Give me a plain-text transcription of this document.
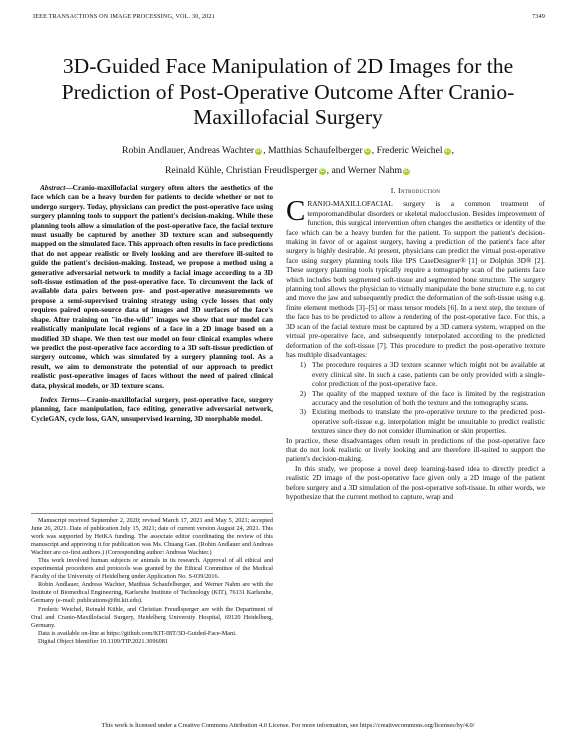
IEEE TRANSACTIONS ON IMAGE PROCESSING, VOL. 30, 2021	7349
3D-Guided Face Manipulation of 2D Images for the Prediction of Post-Operative Outcome After Cranio-Maxillofacial Surgery
Robin Andlauer, Andreas Wachter iD , Matthias Schaufelberger iD , Frederic Weichel iD ,
Reinald Kühle, Christian Freudlsperger iD , and Werner Nahm iD

Abstract—Cranio-maxillofacial surgery often alters the aesthetics of the face which can be a heavy burden for patients to decide whether or not to undergo surgery. Today, physicians can predict the post-operative face using surgery planning tools to support the patient's decision-making. While these planning tools allow a simulation of the post-operative face, the facial texture must usually be captured by another 3D texture scan and subsequently mapped on the simulated face. This approach often results in face predictions that do not appear realistic or lively looking and are therefore ill-suited to guide the patient's decision-making. Instead, we propose a method using a generative adversarial network to modify a facial image according to a 3D soft-tissue estimation of the post-operative face. To circumvent the lack of available data pairs between pre- and post-operative measurements we propose a semi-supervised training strategy using cycle losses that only requires paired open-source data of images and 3D surfaces of the face's shape. After training on "in-the-wild" images we show that our model can realistically manipulate local regions of a face in a 2D image based on a modified 3D shape. We then test our model on four clinical examples where we predict the post-operative face according to a 3D soft-tissue prediction of surgery outcome, which was simulated by a surgery planning tool. As a result, we aim to demonstrate the potential of our approach to predict realistic post-operative images of faces without the need of paired clinical data, physical models, or 3D texture scans.

Index Terms—Cranio-maxillofacial surgery, post-operative face, surgery planning, face manipulation, face editing, generative adversarial network, CycleGAN, cycle loss, GAN, unsupervised learning, 3D morphable model.

Manuscript received September 2, 2020; revised March 17, 2021 and May 5, 2021; accepted June 26, 2021. Date of publication July 15, 2021; date of current version August 24, 2021. This work was supported by HeiKA funding. The associate editor coordinating the review of this manuscript and approving it for publication was Ms. Chuang Gan. (Robin Andlauer and Andreas Wachter are co-first authors.) (Corresponding author: Andreas Wachter.)

This work involved human subjects or animals in its research. Approval of all ethical and experimental procedures and protocols was granted by the Ethical Committee of the Medical Faculty of the University of Heidelberg under Application No. S-039/2016.

Robin Andlauer, Andreas Wachter, Matthias Schaufelberger, and Werner Nahm are with the Institute of Biomedical Engineering, Karlsruhe Institute of Technology (KIT), 76131 Karlsruhe, Germany (e-mail: publications@ibt.kit.edu).

Frederic Weichel, Reinald Kühle, and Christian Freudlsperger are with the Department of Oral and Cranio-Maxillofacial Surgery, Heidelberg University Hospital, 69120 Heidelberg, Germany.

Data is available on-line at https://github.com/KIT-IBT/3D-Guided-Face-Mani.

Digital Object Identifier 10.1109/TIP.2021.3096081

I. Introduction

CRANIO-MAXILLOFACIAL surgery is a common treatment of temporomandibular disorders or skeletal malocclusion. Besides improvement of function, this surgical intervention often changes the aesthetics or identity of the face which can be a heavy burden for the patient. To support the patient's decision-making in favor of or against surgery, having a prediction of the patient's face after surgery is highly desirable. At present, physicians can predict the virtual post-operative face using surgery planning tools like IPS CaseDesigner® [1] or Dolphin 3D® [2]. These surgery planning tools typically require a tomography scan of the patients face which includes both segmented soft-tissue and segmented bone structure. The surgery planning tool allows the physician to virtually manipulate the bone structure e.g. to cut and move the jaw and subsequently predict the deformation of the soft-tissue using e.g. finite element methods [3]–[5] or mass tensor models [6]. In a next step, the texture of the face has to be predicted to allow a rendering of the post-operative face. For this, a 3D scan of the facial texture must be captured by a 3D camera system, wrapped on the virtual pre-operative face, and subsequently interpolated according to the predicted deformation of the soft-tissue [7]. This procedure to predict the post-operative texture has multiple disadvantages:

1) The procedure requires a 3D texture scanner which might not be available at every clinical site. In such a case, patients can be only provided with a single-color prediction of the post-operative face.
2) The quality of the mapped texture of the face is limited by the registration accuracy and the resolution of both the texture and the tomography scans.
3) Existing methods to translate the pre-operative texture to the predicted post-operative soft-tissue e.g. interpolation might be unsuitable to predict realistic textures since they do not consider illumination or skin properties.

In practice, these disadvantages often result in predictions of the post-operative face that do not look realistic or lively looking and are therefore ill-suited to support the patient's decision-making.

In this study, we propose a novel deep learning-based idea to directly predict a realistic 2D image of the post-operative face given only a 2D image of the patient before surgery and a 3D simulation of the post-operative soft-tissue. In other words, we hypothesize that the current method to capture, wrap and

This work is licensed under a Creative Commons Attribution 4.0 License. For more information, see https://creativecommons.org/licenses/by/4.0/
